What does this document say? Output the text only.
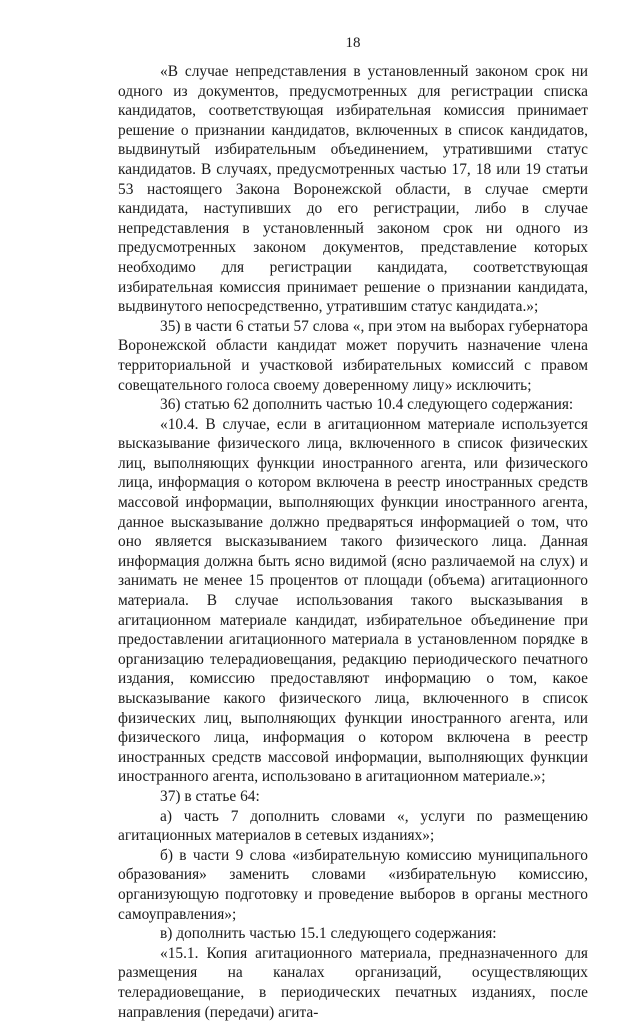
18

«В случае непредставления в установленный законом срок ни одного из документов, предусмотренных для регистрации списка кандидатов, соответствующая избирательная комиссия принимает решение о признании кандидатов, включенных в список кандидатов, выдвинутый избирательным объединением, утратившими статус кандидатов. В случаях, предусмотренных частью 17, 18 или 19 статьи 53 настоящего Закона Воронежской области, в случае смерти кандидата, наступивших до его регистрации, либо в случае непредставления в установленный законом срок ни одного из предусмотренных законом документов, представление которых необходимо для регистрации кандидата, соответствующая избирательная комиссия принимает решение о признании кандидата, выдвинутого непосредственно, утратившим статус кандидата.»;

35) в части 6 статьи 57 слова «, при этом на выборах губернатора Воронежской области кандидат может поручить назначение члена территориальной и участковой избирательных комиссий с правом совещательного голоса своему доверенному лицу» исключить;

36) статью 62 дополнить частью 10.4 следующего содержания:

«10.4. В случае, если в агитационном материале используется высказывание физического лица, включенного в список физических лиц, выполняющих функции иностранного агента, или физического лица, информация о котором включена в реестр иностранных средств массовой информации, выполняющих функции иностранного агента, данное высказывание должно предваряться информацией о том, что оно является высказыванием такого физического лица. Данная информация должна быть ясно видимой (ясно различаемой на слух) и занимать не менее 15 процентов от площади (объема) агитационного материала. В случае использования такого высказывания в агитационном материале кандидат, избирательное объединение при предоставлении агитационного материала в установленном порядке в организацию телерадиовещания, редакцию периодического печатного издания, комиссию предоставляют информацию о том, какое высказывание какого физического лица, включенного в список физических лиц, выполняющих функции иностранного агента, или физического лица, информация о котором включена в реестр иностранных средств массовой информации, выполняющих функции иностранного агента, использовано в агитационном материале.»;

37) в статье 64:

а) часть 7 дополнить словами «, услуги по размещению агитационных материалов в сетевых изданиях»;

б) в части 9 слова «избирательную комиссию муниципального образования» заменить словами «избирательную комиссию, организующую подготовку и проведение выборов в органы местного самоуправления»;

в) дополнить частью 15.1 следующего содержания:

«15.1. Копия агитационного материала, предназначенного для размещения на каналах организаций, осуществляющих телерадиовещание, в периодических печатных изданиях, после направления (передачи) агита-
